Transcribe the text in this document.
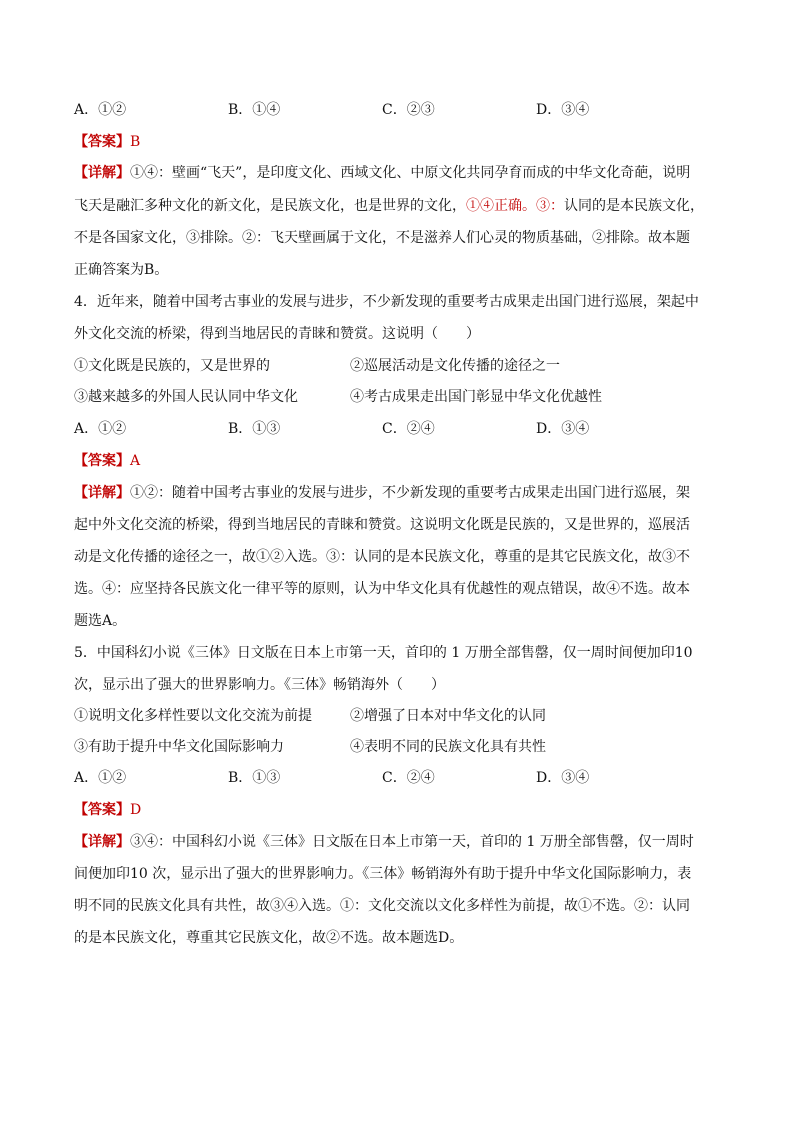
A．①②	B．①④	C．②③	D．③④
【答案】B
【详解】①④：壁画“飞天”，是印度文化、西域文化、中原文化共同孕育而成的中华文化奇葩，说明
飞天是融汇多种文化的新文化，是民族文化，也是世界的文化，①④正确。③：认同的是本民族文化，
不是各国家文化，③排除。②：飞天壁画属于文化，不是滋养人们心灵的物质基础，②排除。故本题
正确答案为B。
4．近年来，随着中国考古事业的发展与进步，不少新发现的重要考古成果走出国门进行巡展，架起中
外文化交流的桥梁，得到当地居民的青睐和赞赏。这说明（　　）
①文化既是民族的，又是世界的	②巡展活动是文化传播的途径之一
③越来越多的外国人民认同中华文化	④考古成果走出国门彰显中华文化优越性
A．①②	B．①③	C．②④	D．③④
【答案】A
【详解】①②：随着中国考古事业的发展与进步，不少新发现的重要考古成果走出国门进行巡展，架
起中外文化交流的桥梁，得到当地居民的青睐和赞赏。这说明文化既是民族的，又是世界的，巡展活
动是文化传播的途径之一，故①②入选。③：认同的是本民族文化，尊重的是其它民族文化，故③不
选。④：应坚持各民族文化一律平等的原则，认为中华文化具有优越性的观点错误，故④不选。故本
题选A。
5．中国科幻小说《三体》日文版在日本上市第一天，首印的 1 万册全部售罄，仅一周时间便加印10
次，显示出了强大的世界影响力。《三体》畅销海外（　　）
①说明文化多样性要以文化交流为前提	②增强了日本对中华文化的认同
③有助于提升中华文化国际影响力	④表明不同的民族文化具有共性
A．①②	B．①③	C．②④	D．③④
【答案】D
【详解】③④：中国科幻小说《三体》日文版在日本上市第一天，首印的 1 万册全部售罄，仅一周时
间便加印10 次，显示出了强大的世界影响力。《三体》畅销海外有助于提升中华文化国际影响力，表
明不同的民族文化具有共性，故③④入选。①：文化交流以文化多样性为前提，故①不选。②：认同
的是本民族文化，尊重其它民族文化，故②不选。故本题选D。
